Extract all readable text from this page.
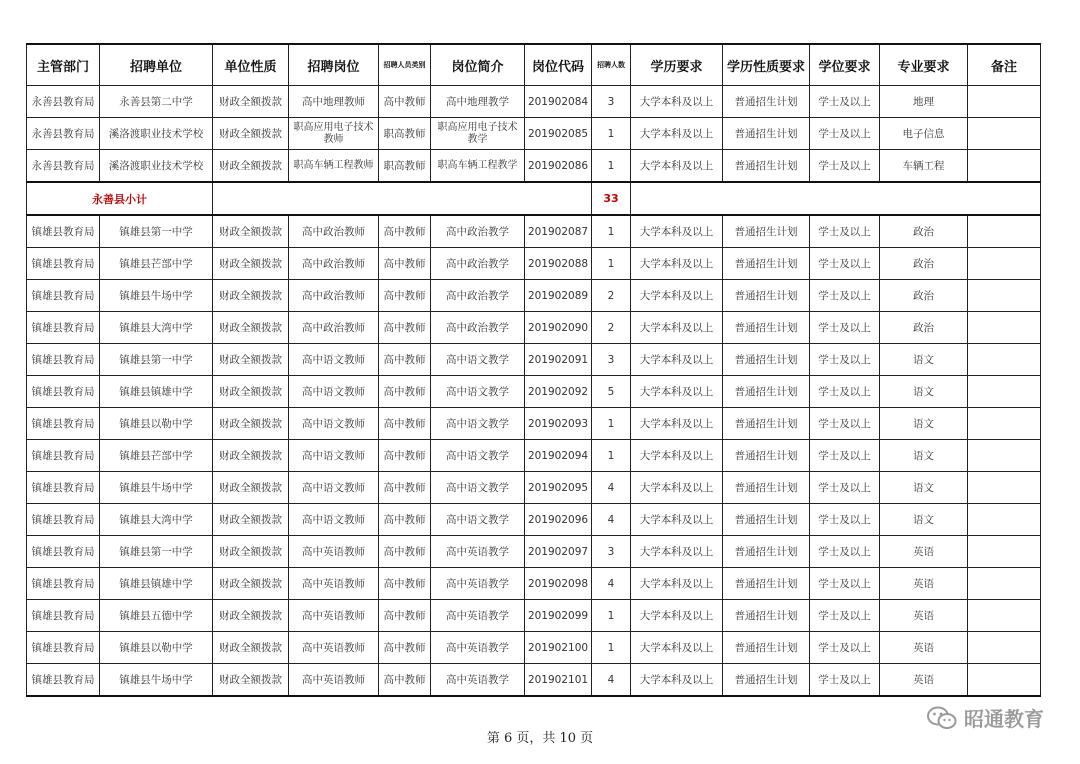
主管部门	招聘单位	单位性质	招聘岗位	招聘人员类别	岗位简介	岗位代码	招聘人数	学历要求	学历性质要求	学位要求	专业要求	备注
永善县教育局	永善县第二中学	财政全额拨款	高中地理教师	高中教师	高中地理教学	201902084	3	大学本科及以上	普通招生计划	学士及以上	地理	
永善县教育局	溪洛渡职业技术学校	财政全额拨款	职高应用电子技术教师	职高教师	职高应用电子技术教学	201902085	1	大学本科及以上	普通招生计划	学士及以上	电子信息	
永善县教育局	溪洛渡职业技术学校	财政全额拨款	职高车辆工程教师	职高教师	职高车辆工程教学	201902086	1	大学本科及以上	普通招生计划	学士及以上	车辆工程	
永善县小计							33					
镇雄县教育局	镇雄县第一中学	财政全额拨款	高中政治教师	高中教师	高中政治教学	201902087	1	大学本科及以上	普通招生计划	学士及以上	政治	
镇雄县教育局	镇雄县芒部中学	财政全额拨款	高中政治教师	高中教师	高中政治教学	201902088	1	大学本科及以上	普通招生计划	学士及以上	政治	
镇雄县教育局	镇雄县牛场中学	财政全额拨款	高中政治教师	高中教师	高中政治教学	201902089	2	大学本科及以上	普通招生计划	学士及以上	政治	
镇雄县教育局	镇雄县大湾中学	财政全额拨款	高中政治教师	高中教师	高中政治教学	201902090	2	大学本科及以上	普通招生计划	学士及以上	政治	
镇雄县教育局	镇雄县第一中学	财政全额拨款	高中语文教师	高中教师	高中语文教学	201902091	3	大学本科及以上	普通招生计划	学士及以上	语文	
镇雄县教育局	镇雄县镇雄中学	财政全额拨款	高中语文教师	高中教师	高中语文教学	201902092	5	大学本科及以上	普通招生计划	学士及以上	语文	
镇雄县教育局	镇雄县以勒中学	财政全额拨款	高中语文教师	高中教师	高中语文教学	201902093	1	大学本科及以上	普通招生计划	学士及以上	语文	
镇雄县教育局	镇雄县芒部中学	财政全额拨款	高中语文教师	高中教师	高中语文教学	201902094	1	大学本科及以上	普通招生计划	学士及以上	语文	
镇雄县教育局	镇雄县牛场中学	财政全额拨款	高中语文教师	高中教师	高中语文教学	201902095	4	大学本科及以上	普通招生计划	学士及以上	语文	
镇雄县教育局	镇雄县大湾中学	财政全额拨款	高中语文教师	高中教师	高中语文教学	201902096	4	大学本科及以上	普通招生计划	学士及以上	语文	
镇雄县教育局	镇雄县第一中学	财政全额拨款	高中英语教师	高中教师	高中英语教学	201902097	3	大学本科及以上	普通招生计划	学士及以上	英语	
镇雄县教育局	镇雄县镇雄中学	财政全额拨款	高中英语教师	高中教师	高中英语教学	201902098	4	大学本科及以上	普通招生计划	学士及以上	英语	
镇雄县教育局	镇雄县五德中学	财政全额拨款	高中英语教师	高中教师	高中英语教学	201902099	1	大学本科及以上	普通招生计划	学士及以上	英语	
镇雄县教育局	镇雄县以勒中学	财政全额拨款	高中英语教师	高中教师	高中英语教学	201902100	1	大学本科及以上	普通招生计划	学士及以上	英语	
镇雄县教育局	镇雄县牛场中学	财政全额拨款	高中英语教师	高中教师	高中英语教学	201902101	4	大学本科及以上	普通招生计划	学士及以上	英语	
第 6 页，共 10 页
昭通教育
